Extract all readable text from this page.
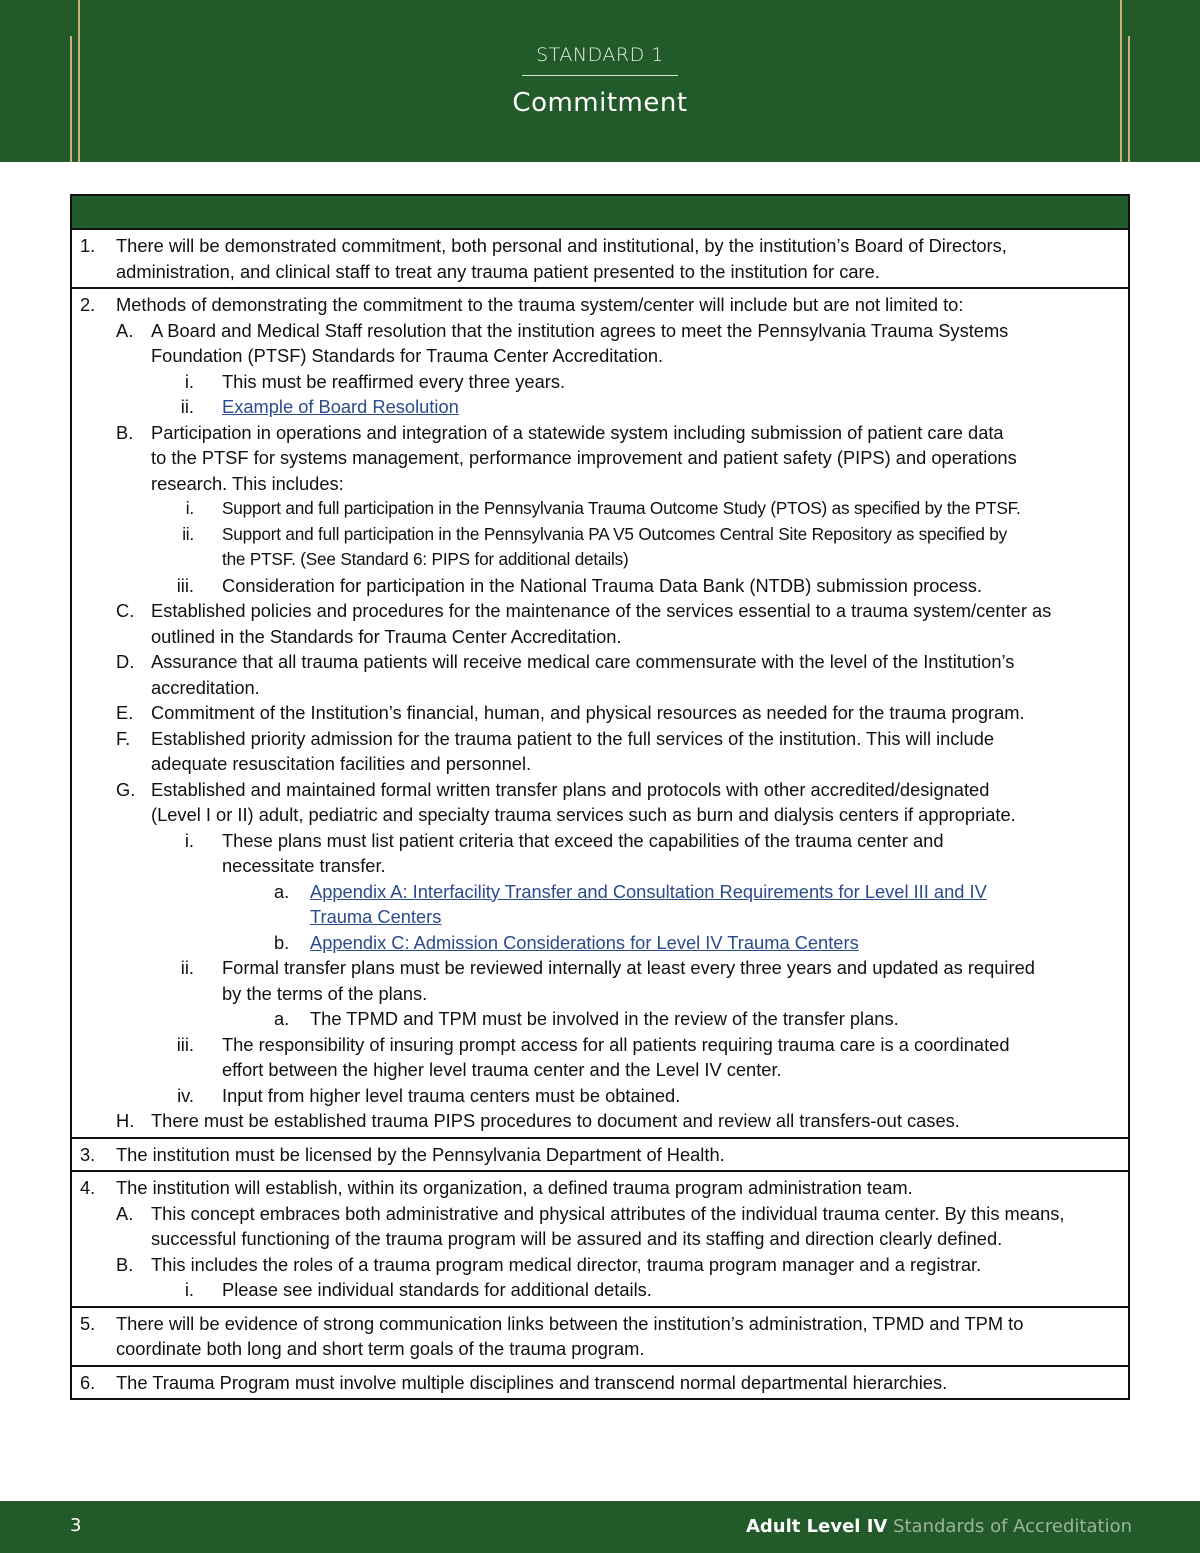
STANDARD 1
Commitment
1. There will be demonstrated commitment, both personal and institutional, by the institution’s Board of Directors,
administration, and clinical staff to treat any trauma patient presented to the institution for care.
2. Methods of demonstrating the commitment to the trauma system/center will include but are not limited to:
A. A Board and Medical Staff resolution that the institution agrees to meet the Pennsylvania Trauma Systems
Foundation (PTSF) Standards for Trauma Center Accreditation.
i. This must be reaffirmed every three years.
ii. Example of Board Resolution
B. Participation in operations and integration of a statewide system including submission of patient care data
to the PTSF for systems management, performance improvement and patient safety (PIPS) and operations
research. This includes:
i. Support and full participation in the Pennsylvania Trauma Outcome Study (PTOS) as specified by the PTSF.
ii. Support and full participation in the Pennsylvania PA V5 Outcomes Central Site Repository as specified by
the PTSF. (See Standard 6: PIPS for additional details)
iii. Consideration for participation in the National Trauma Data Bank (NTDB) submission process.
C. Established policies and procedures for the maintenance of the services essential to a trauma system/center as
outlined in the Standards for Trauma Center Accreditation.
D. Assurance that all trauma patients will receive medical care commensurate with the level of the Institution’s
accreditation.
E. Commitment of the Institution’s financial, human, and physical resources as needed for the trauma program.
F.	Established priority admission for the trauma patient to the full services of the institution. This will include
adequate resuscitation facilities and personnel.
G. Established and maintained formal written transfer plans and protocols with other accredited/designated
(Level I or II) adult, pediatric and specialty trauma services such as burn and dialysis centers if appropriate.
i. These plans must list patient criteria that exceed the capabilities of the trauma center and
necessitate transfer.
a. Appendix A: Interfacility Transfer and Consultation Requirements for Level III and IV
Trauma Centers
b. Appendix C: Admission Considerations for Level IV Trauma Centers
ii. Formal transfer plans must be reviewed internally at least every three years and updated as required
by the terms of the plans.
a. The TPMD and TPM must be involved in the review of the transfer plans.
iii. The responsibility of insuring prompt access for all patients requiring trauma care is a coordinated
effort between the higher level trauma center and the Level IV center.
iv. Input from higher level trauma centers must be obtained.
H. There must be established trauma PIPS procedures to document and review all transfers-out cases.
3. The institution must be licensed by the Pennsylvania Department of Health.
4. The institution will establish, within its organization, a defined trauma program administration team.
A. This concept embraces both administrative and physical attributes of the individual trauma center. By this means,
successful functioning of the trauma program will be assured and its staffing and direction clearly defined.
B. This includes the roles of a trauma program medical director, trauma program manager and a registrar.
i. Please see individual standards for additional details.
5. There will be evidence of strong communication links between the institution’s administration, TPMD and TPM to
coordinate both long and short term goals of the trauma program.
6. The Trauma Program must involve multiple disciplines and transcend normal departmental hierarchies.
3	Adult Level IV Standards of Accreditation
